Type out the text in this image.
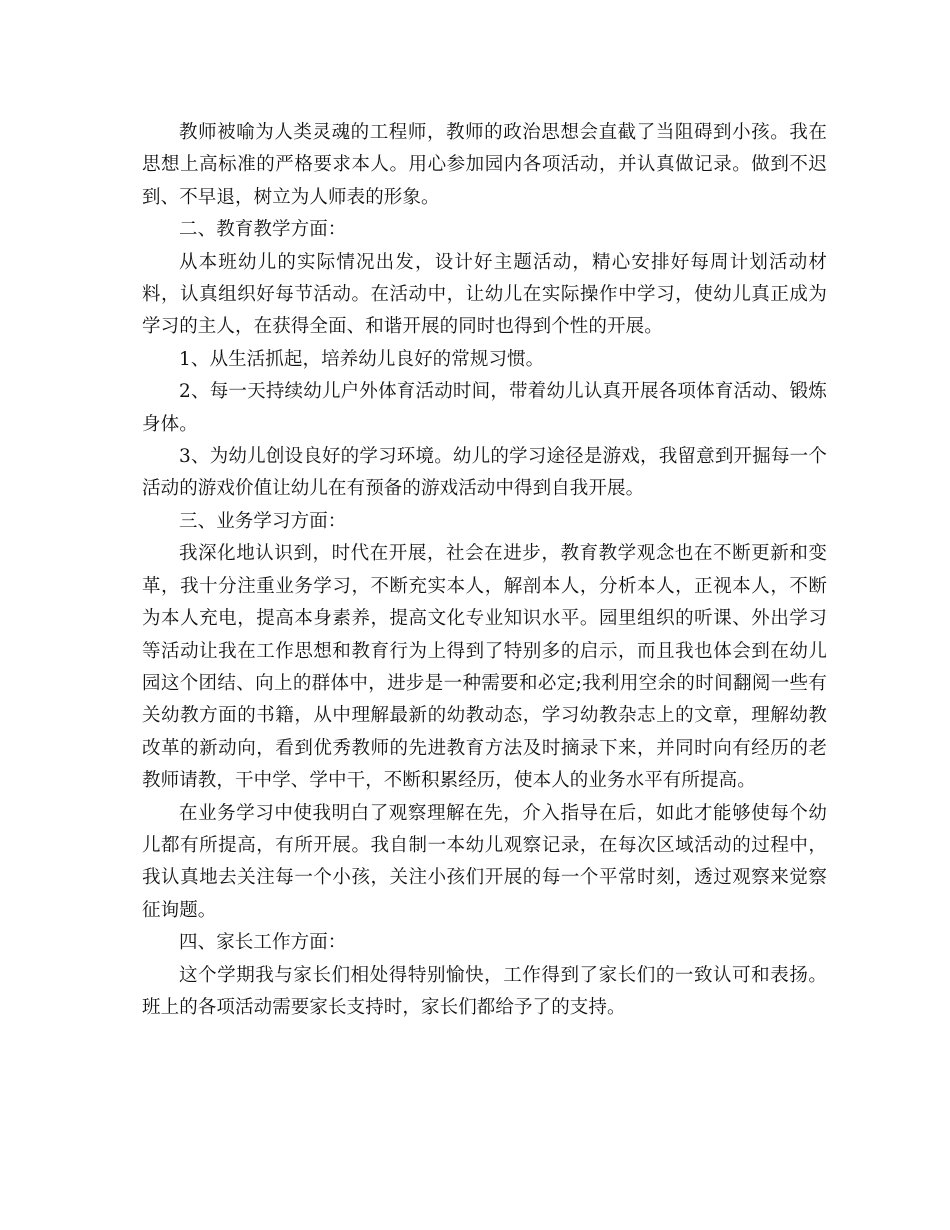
教师被喻为人类灵魂的工程师，教师的政治思想会直截了当阻碍到小孩。我在思想上高标准的严格要求本人。用心参加园内各项活动，并认真做记录。做到不迟到、不早退，树立为人师表的形象。

二、教育教学方面：

从本班幼儿的实际情况出发，设计好主题活动，精心安排好每周计划活动材料，认真组织好每节活动。在活动中，让幼儿在实际操作中学习，使幼儿真正成为学习的主人，在获得全面、和谐开展的同时也得到个性的开展。

1、从生活抓起，培养幼儿良好的常规习惯。

2、每一天持续幼儿户外体育活动时间，带着幼儿认真开展各项体育活动、锻炼身体。

3、为幼儿创设良好的学习环境。幼儿的学习途径是游戏，我留意到开掘每一个活动的游戏价值让幼儿在有预备的游戏活动中得到自我开展。

三、业务学习方面：

我深化地认识到，时代在开展，社会在进步，教育教学观念也在不断更新和变革，我十分注重业务学习，不断充实本人，解剖本人，分析本人，正视本人，不断为本人充电，提高本身素养，提高文化专业知识水平。园里组织的听课、外出学习等活动让我在工作思想和教育行为上得到了特别多的启示，而且我也体会到在幼儿园这个团结、向上的群体中，进步是一种需要和必定;我利用空余的时间翻阅一些有关幼教方面的书籍，从中理解最新的幼教动态，学习幼教杂志上的文章，理解幼教改革的新动向，看到优秀教师的先进教育方法及时摘录下来，并同时向有经历的老教师请教，干中学、学中干，不断积累经历，使本人的业务水平有所提高。

在业务学习中使我明白了观察理解在先，介入指导在后，如此才能够使每个幼儿都有所提高，有所开展。我自制一本幼儿观察记录，在每次区域活动的过程中，我认真地去关注每一个小孩，关注小孩们开展的每一个平常时刻，透过观察来觉察征询题。

四、家长工作方面：

这个学期我与家长们相处得特别愉快，工作得到了家长们的一致认可和表扬。班上的各项活动需要家长支持时，家长们都给予了的支持。
